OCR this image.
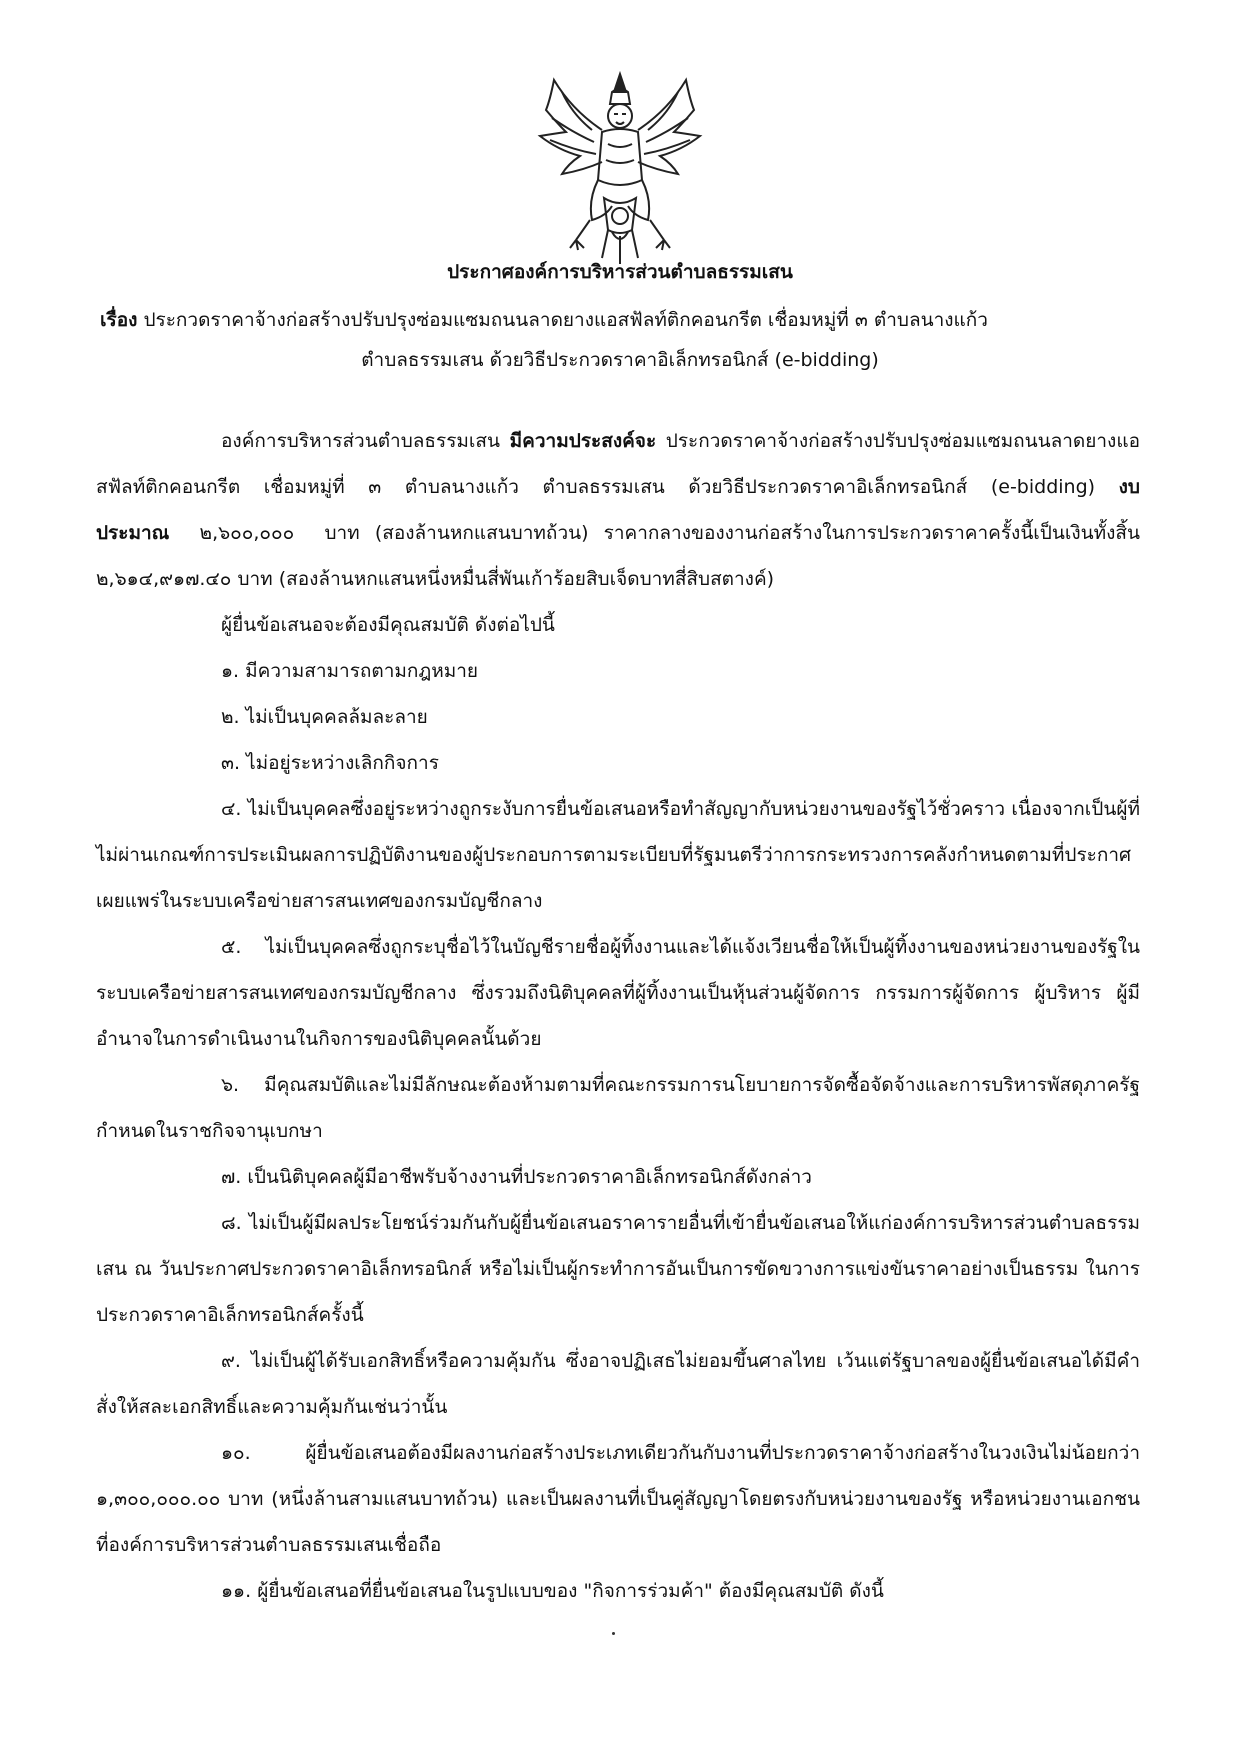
ประกาศองค์การบริหารส่วนตำบลธรรมเสน
เรื่อง ประกวดราคาจ้างก่อสร้างปรับปรุงซ่อมแซมถนนลาดยางแอสฟัลท์ติกคอนกรีต เชื่อมหมู่ที่ ๓ ตำบลนางแก้ว
ตำบลธรรมเสน ด้วยวิธีประกวดราคาอิเล็กทรอนิกส์ (e-bidding)

องค์การบริหารส่วนตำบลธรรมเสน มีความประสงค์จะ ประกวดราคาจ้างก่อสร้างปรับปรุงซ่อมแซมถนนลาดยางแอสฟัลท์ติกคอนกรีต เชื่อมหมู่ที่ ๓ ตำบลนางแก้ว ตำบลธรรมเสน ด้วยวิธีประกวดราคาอิเล็กทรอนิกส์ (e-bidding) งบประมาณ ๒,๖๐๐,๐๐๐ บาท (สองล้านหกแสนบาทถ้วน) ราคากลางของงานก่อสร้างในการประกวดราคาครั้งนี้เป็นเงินทั้งสิ้น ๒,๖๑๔,๙๑๗.๔๐ บาท (สองล้านหกแสนหนึ่งหมื่นสี่พันเก้าร้อยสิบเจ็ดบาทสี่สิบสตางค์)

ผู้ยื่นข้อเสนอจะต้องมีคุณสมบัติ ดังต่อไปนี้
๑. มีความสามารถตามกฎหมาย
๒. ไม่เป็นบุคคลล้มละลาย
๓. ไม่อยู่ระหว่างเลิกกิจการ

๔. ไม่เป็นบุคคลซึ่งอยู่ระหว่างถูกระงับการยื่นข้อเสนอหรือทำสัญญากับหน่วยงานของรัฐไว้ชั่วคราว เนื่องจากเป็นผู้ที่ไม่ผ่านเกณฑ์การประเมินผลการปฏิบัติงานของผู้ประกอบการตามระเบียบที่รัฐมนตรีว่าการกระทรวงการคลังกำหนดตามที่ประกาศเผยแพร่ในระบบเครือข่ายสารสนเทศของกรมบัญชีกลาง

๕. ไม่เป็นบุคคลซึ่งถูกระบุชื่อไว้ในบัญชีรายชื่อผู้ทิ้งงานและได้แจ้งเวียนชื่อให้เป็นผู้ทิ้งงานของหน่วยงานของรัฐในระบบเครือข่ายสารสนเทศของกรมบัญชีกลาง ซึ่งรวมถึงนิติบุคคลที่ผู้ทิ้งงานเป็นหุ้นส่วนผู้จัดการ กรรมการผู้จัดการ ผู้บริหาร ผู้มีอำนาจในการดำเนินงานในกิจการของนิติบุคคลนั้นด้วย

๖. มีคุณสมบัติและไม่มีลักษณะต้องห้ามตามที่คณะกรรมการนโยบายการจัดซื้อจัดจ้างและการบริหารพัสดุภาครัฐกำหนดในราชกิจจานุเบกษา

๗. เป็นนิติบุคคลผู้มีอาชีพรับจ้างงานที่ประกวดราคาอิเล็กทรอนิกส์ดังกล่าว

๘. ไม่เป็นผู้มีผลประโยชน์ร่วมกันกับผู้ยื่นข้อเสนอราคารายอื่นที่เข้ายื่นข้อเสนอให้แก่องค์การบริหารส่วนตำบลธรรมเสน ณ วันประกาศประกวดราคาอิเล็กทรอนิกส์ หรือไม่เป็นผู้กระทำการอันเป็นการขัดขวางการแข่งขันราคาอย่างเป็นธรรม ในการประกวดราคาอิเล็กทรอนิกส์ครั้งนี้

๙. ไม่เป็นผู้ได้รับเอกสิทธิ์หรือความคุ้มกัน ซึ่งอาจปฏิเสธไม่ยอมขึ้นศาลไทย เว้นแต่รัฐบาลของผู้ยื่นข้อเสนอได้มีคำสั่งให้สละเอกสิทธิ์และความคุ้มกันเช่นว่านั้น

๑๐. ผู้ยื่นข้อเสนอต้องมีผลงานก่อสร้างประเภทเดียวกันกับงานที่ประกวดราคาจ้างก่อสร้างในวงเงินไม่น้อยกว่า ๑,๓๐๐,๐๐๐.๐๐ บาท (หนึ่งล้านสามแสนบาทถ้วน) และเป็นผลงานที่เป็นคู่สัญญาโดยตรงกับหน่วยงานของรัฐ หรือหน่วยงานเอกชนที่องค์การบริหารส่วนตำบลธรรมเสนเชื่อถือ

๑๑. ผู้ยื่นข้อเสนอที่ยื่นข้อเสนอในรูปแบบของ "กิจการร่วมค้า" ต้องมีคุณสมบัติ ดังนี้
